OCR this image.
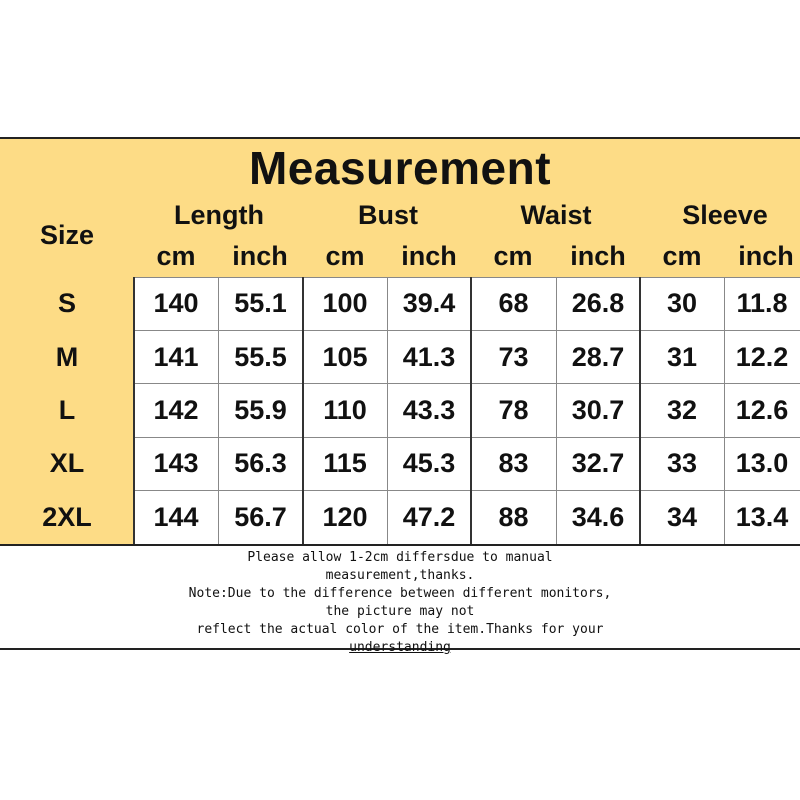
Measurement
Size
Length	Bust	Waist	Sleeve
cm	inch	cm	inch	cm	inch	cm	inch
S	140	55.1	100	39.4	68	26.8	30	11.8
M	141	55.5	105	41.3	73	28.7	31	12.2
L	142	55.9	110	43.3	78	30.7	32	12.6
XL	143	56.3	115	45.3	83	32.7	33	13.0
2XL	144	56.7	120	47.2	88	34.6	34	13.4
Please allow 1-2cm differsdue to manual
measurement,thanks.
Note:Due to the difference between different monitors,
the picture may not
reflect the actual color of the item.Thanks for your
understanding
